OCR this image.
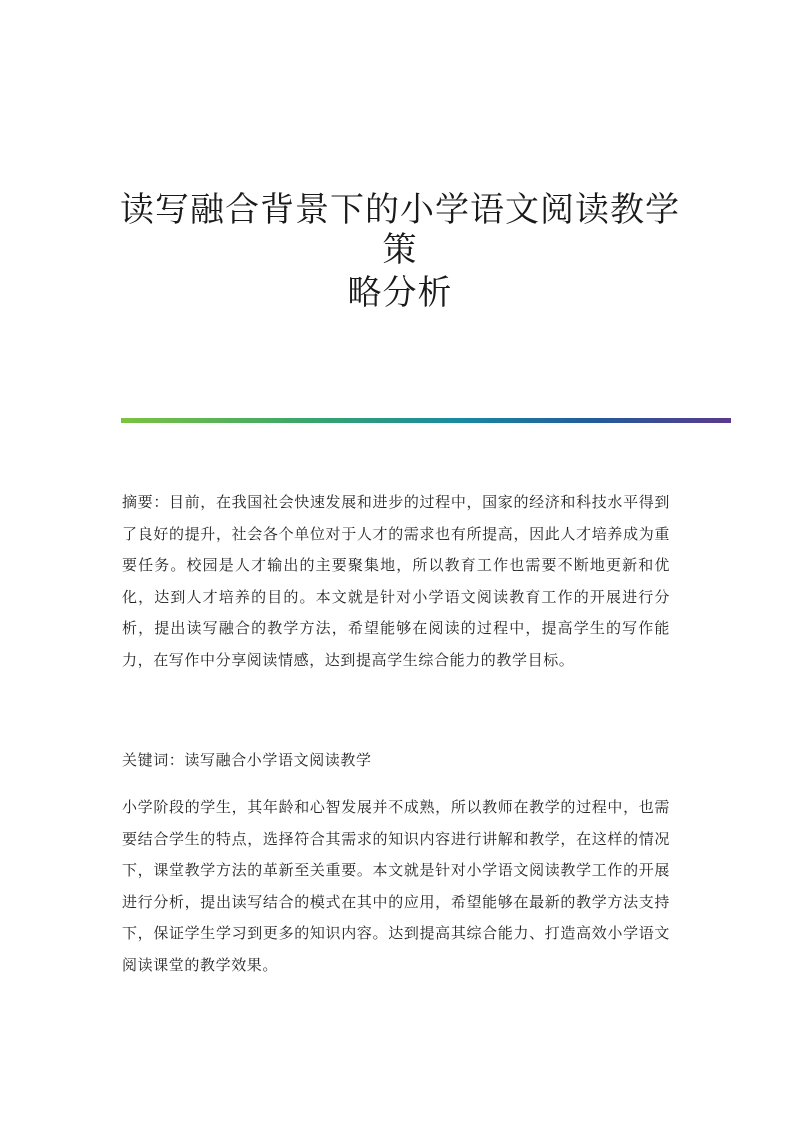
读写融合背景下的小学语文阅读教学策
略分析

摘要：目前，在我国社会快速发展和进步的过程中，国家的经济和科技水平得到了良好的提升，社会各个单位对于人才的需求也有所提高，因此人才培养成为重要任务。校园是人才输出的主要聚集地，所以教育工作也需要不断地更新和优化，达到人才培养的目的。本文就是针对小学语文阅读教育工作的开展进行分析，提出读写融合的教学方法，希望能够在阅读的过程中，提高学生的写作能力，在写作中分享阅读情感，达到提高学生综合能力的教学目标。

关键词：读写融合小学语文阅读教学

小学阶段的学生，其年龄和心智发展并不成熟，所以教师在教学的过程中，也需要结合学生的特点，选择符合其需求的知识内容进行讲解和教学，在这样的情况下，课堂教学方法的革新至关重要。本文就是针对小学语文阅读教学工作的开展进行分析，提出读写结合的模式在其中的应用，希望能够在最新的教学方法支持下，保证学生学习到更多的知识内容。达到提高其综合能力、打造高效小学语文阅读课堂的教学效果。
